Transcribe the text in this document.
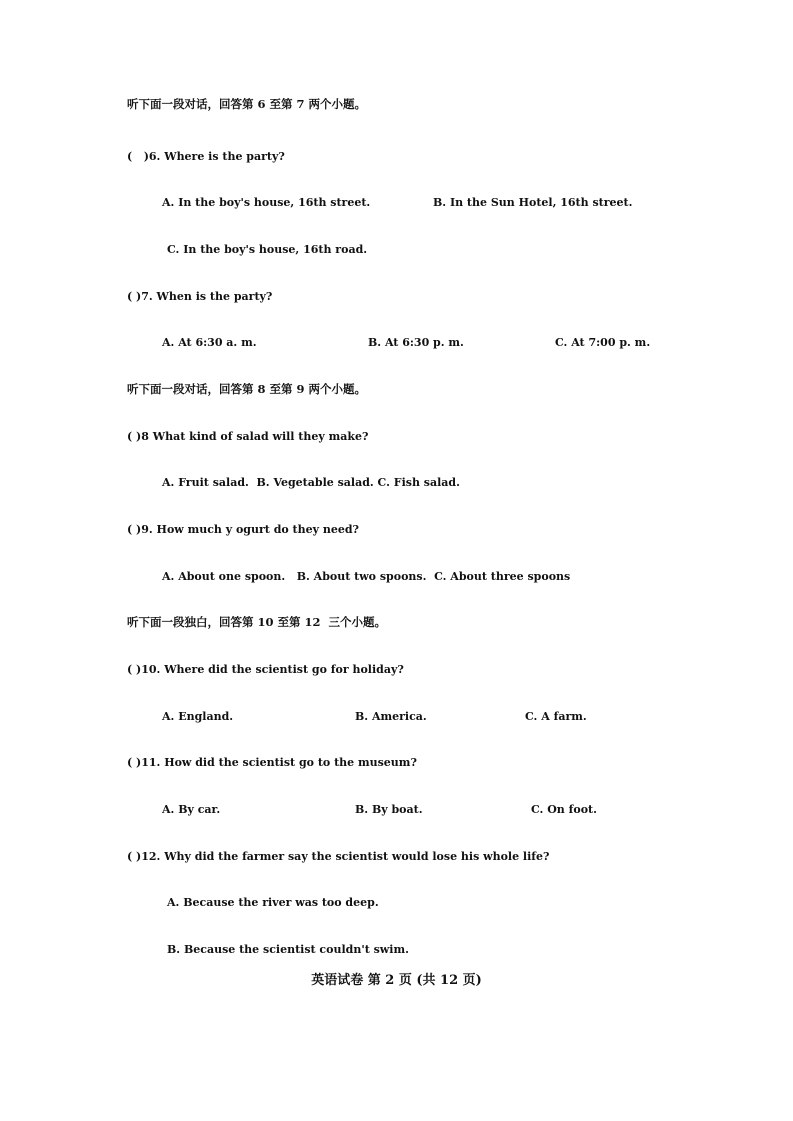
听下面一段对话，回答第 6 至第 7 两个小题。
(   )6. Where is the party?
A. In the boy's house, 16th street.	B. In the Sun Hotel, 16th street.
C. In the boy's house, 16th road.
( )7. When is the party?
A. At 6:30 a. m.	B. At 6:30 p. m.	C. At 7:00 p. m.
听下面一段对话，回答第 8 至第 9 两个小题。
( )8 What kind of salad will they make?
A. Fruit salad.  B. Vegetable salad. C. Fish salad.
( )9. How much y ogurt do they need?
A. About one spoon.   B. About two spoons.  C. About three spoons
听下面一段独白，回答第 10 至第 12  三个小题。
( )10. Where did the scientist go for holiday?
A. England.	B. America.	C. A farm.
( )11. How did the scientist go to the museum?
A. By car.	B. By boat.	C. On foot.
( )12. Why did the farmer say the scientist would lose his whole life?
A. Because the river was too deep.
B. Because the scientist couldn't swim.
英语试卷 第 2 页 (共 12 页)
